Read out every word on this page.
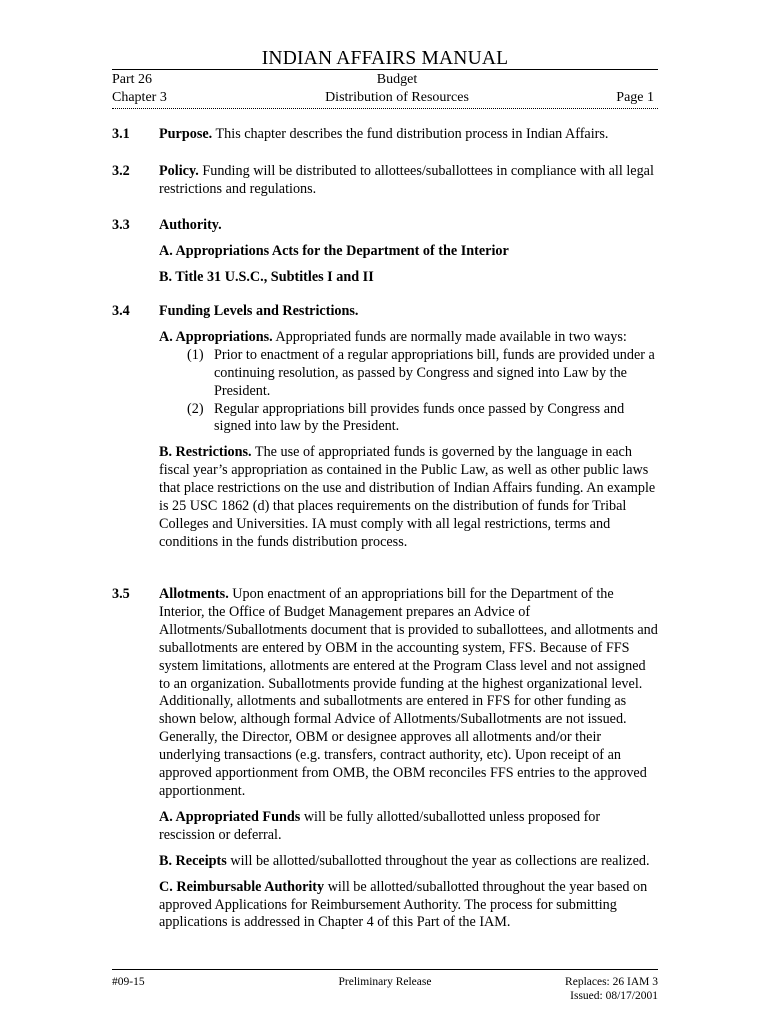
INDIAN AFFAIRS MANUAL
Part 26	Budget
Chapter 3	Distribution of Resources	Page 1
3.1 Purpose. This chapter describes the fund distribution process in Indian Affairs.

3.2 Policy. Funding will be distributed to allottees/suballottees in compliance with all legal restrictions and regulations.

3.3 Authority.

A. Appropriations Acts for the Department of the Interior

B. Title 31 U.S.C., Subtitles I and II

3.4 Funding Levels and Restrictions.

A. Appropriations. Appropriated funds are normally made available in two ways:

(1) Prior to enactment of a regular appropriations bill, funds are provided under a continuing resolution, as passed by Congress and signed into Law by the President.
(2) Regular appropriations bill provides funds once passed by Congress and signed into law by the President.

B. Restrictions. The use of appropriated funds is governed by the language in each fiscal year’s appropriation as contained in the Public Law, as well as other public laws that place restrictions on the use and distribution of Indian Affairs funding. An example is 25 USC 1862 (d) that places requirements on the distribution of funds for Tribal Colleges and Universities. IA must comply with all legal restrictions, terms and conditions in the funds distribution process.

3.5 Allotments. Upon enactment of an appropriations bill for the Department of the Interior, the Office of Budget Management prepares an Advice of Allotments/Suballotments document that is provided to suballottees, and allotments and suballotments are entered by OBM in the accounting system, FFS. Because of FFS system limitations, allotments are entered at the Program Class level and not assigned to an organization. Suballotments provide funding at the highest organizational level. Additionally, allotments and suballotments are entered in FFS for other funding as shown below, although formal Advice of Allotments/Suballotments are not issued. Generally, the Director, OBM or designee approves all allotments and/or their underlying transactions (e.g. transfers, contract authority, etc). Upon receipt of an approved apportionment from OMB, the OBM reconciles FFS entries to the approved apportionment.

A. Appropriated Funds will be fully allotted/suballotted unless proposed for rescission or deferral.

B. Receipts will be allotted/suballotted throughout the year as collections are realized.

C. Reimbursable Authority will be allotted/suballotted throughout the year based on approved Applications for Reimbursement Authority. The process for submitting applications is addressed in Chapter 4 of this Part of the IAM.

#09-15	Preliminary Release	Replaces: 26 IAM 3
Issued: 08/17/2001
